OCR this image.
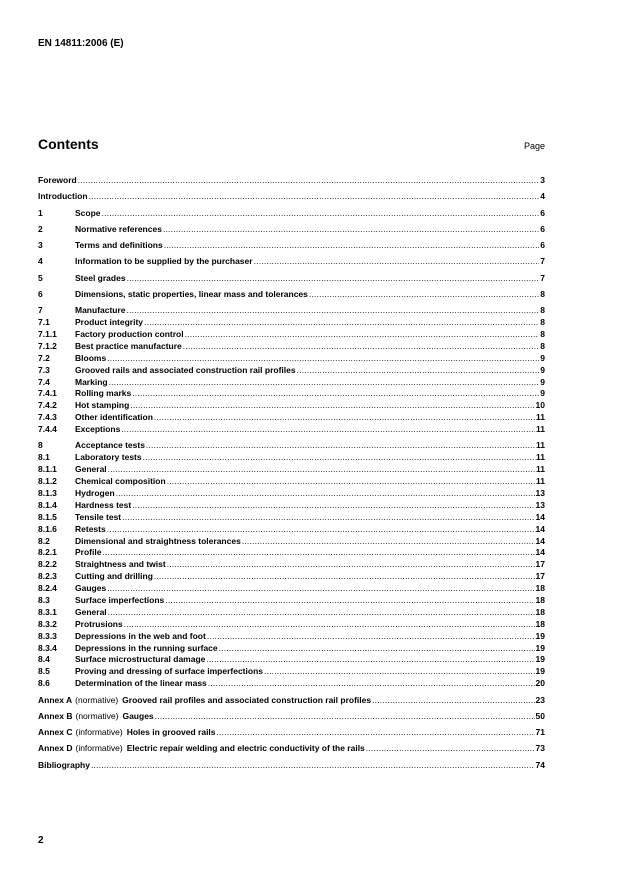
EN 14811:2006 (E)
Contents	Page
Foreword .....	3
Introduction .....	4
1	Scope .....	6
2	Normative references .....	6
3	Terms and definitions .....	6
4	Information to be supplied by the purchaser .....	7
5	Steel grades .....	7
6	Dimensions, static properties, linear mass and tolerances .....	8
7	Manufacture .....	8
7.1	Product integrity .....	8
7.1.1	Factory production control .....	8
7.1.2	Best practice manufacture .....	8
7.2	Blooms .....	9
7.3	Grooved rails and associated construction rail profiles .....	9
7.4	Marking .....	9
7.4.1	Rolling marks .....	9
7.4.2	Hot stamping .....	10
7.4.3	Other identification .....	11
7.4.4	Exceptions .....	11
8	Acceptance tests .....	11
8.1	Laboratory tests .....	11
8.1.1	General .....	11
8.1.2	Chemical composition .....	11
8.1.3	Hydrogen .....	13
8.1.4	Hardness test .....	13
8.1.5	Tensile test .....	14
8.1.6	Retests .....	14
8.2	Dimensional and straightness tolerances .....	14
8.2.1	Profile .....	14
8.2.2	Straightness and twist .....	17
8.2.3	Cutting and drilling .....	17
8.2.4	Gauges .....	18
8.3	Surface imperfections .....	18
8.3.1	General .....	18
8.3.2	Protrusions .....	18
8.3.3	Depressions in the web and foot .....	19
8.3.4	Depressions in the running surface .....	19
8.4	Surface microstructural damage .....	19
8.5	Proving and dressing of surface imperfections .....	19
8.6	Determination of the linear mass .....	20
Annex A (normative) Grooved rail profiles and associated construction rail profiles .....	23
Annex B (normative) Gauges .....	50
Annex C (informative) Holes in grooved rails .....	71
Annex D (informative) Electric repair welding and electric conductivity of the rails .....	73
Bibliography .....	74
2
